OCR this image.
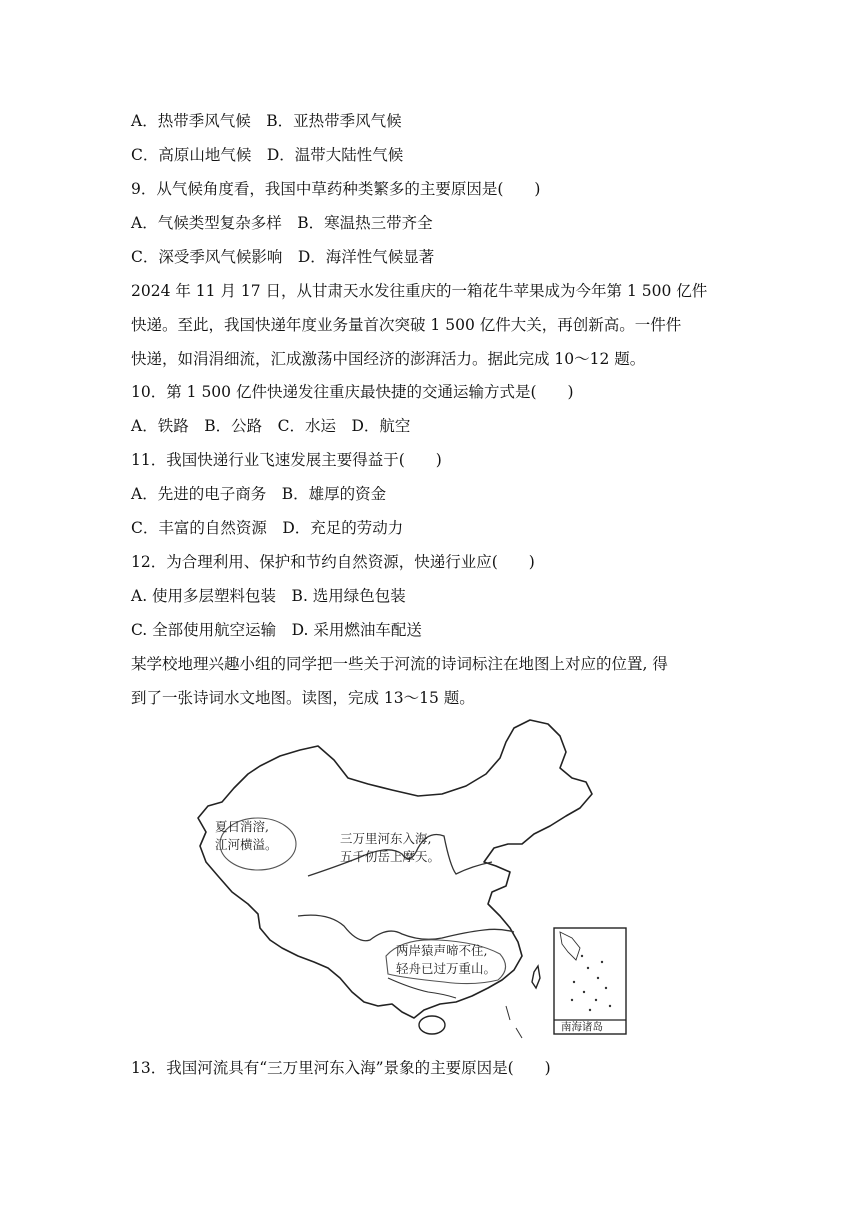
A．热带季风气候　B．亚热带季风气候
C．高原山地气候　D．温带大陆性气候
9．从气候角度看，我国中草药种类繁多的主要原因是(　　)
A．气候类型复杂多样　B．寒温热三带齐全
C．深受季风气候影响　D．海洋性气候显著
2024 年 11 月 17 日，从甘肃天水发往重庆的一箱花牛苹果成为今年第 1 500 亿件
快递。至此，我国快递年度业务量首次突破 1 500 亿件大关，再创新高。一件件
快递，如涓涓细流，汇成激荡中国经济的澎湃活力。据此完成 10～12 题。
10．第 1 500 亿件快递发往重庆最快捷的交通运输方式是(　　)
A．铁路　B．公路　C．水运　D．航空
11．我国快递行业飞速发展主要得益于(　　)
A．先进的电子商务　B．雄厚的资金
C．丰富的自然资源　D．充足的劳动力
12．为合理利用、保护和节约自然资源，快递行业应(　　)
A. 使用多层塑料包装　B. 选用绿色包装
C. 全部使用航空运输　D. 采用燃油车配送
某学校地理兴趣小组的同学把一些关于河流的诗词标注在地图上对应的位置, 得
到了一张诗词水文地图。读图，完成 13～15 题。
夏日消溶,
江河横溢。	三万里河东入海,
五千仞岳上摩天。
两岸猿声啼不住,
轻舟已过万重山。
南海诸岛
13．我国河流具有“三万里河东入海”景象的主要原因是(　　)
